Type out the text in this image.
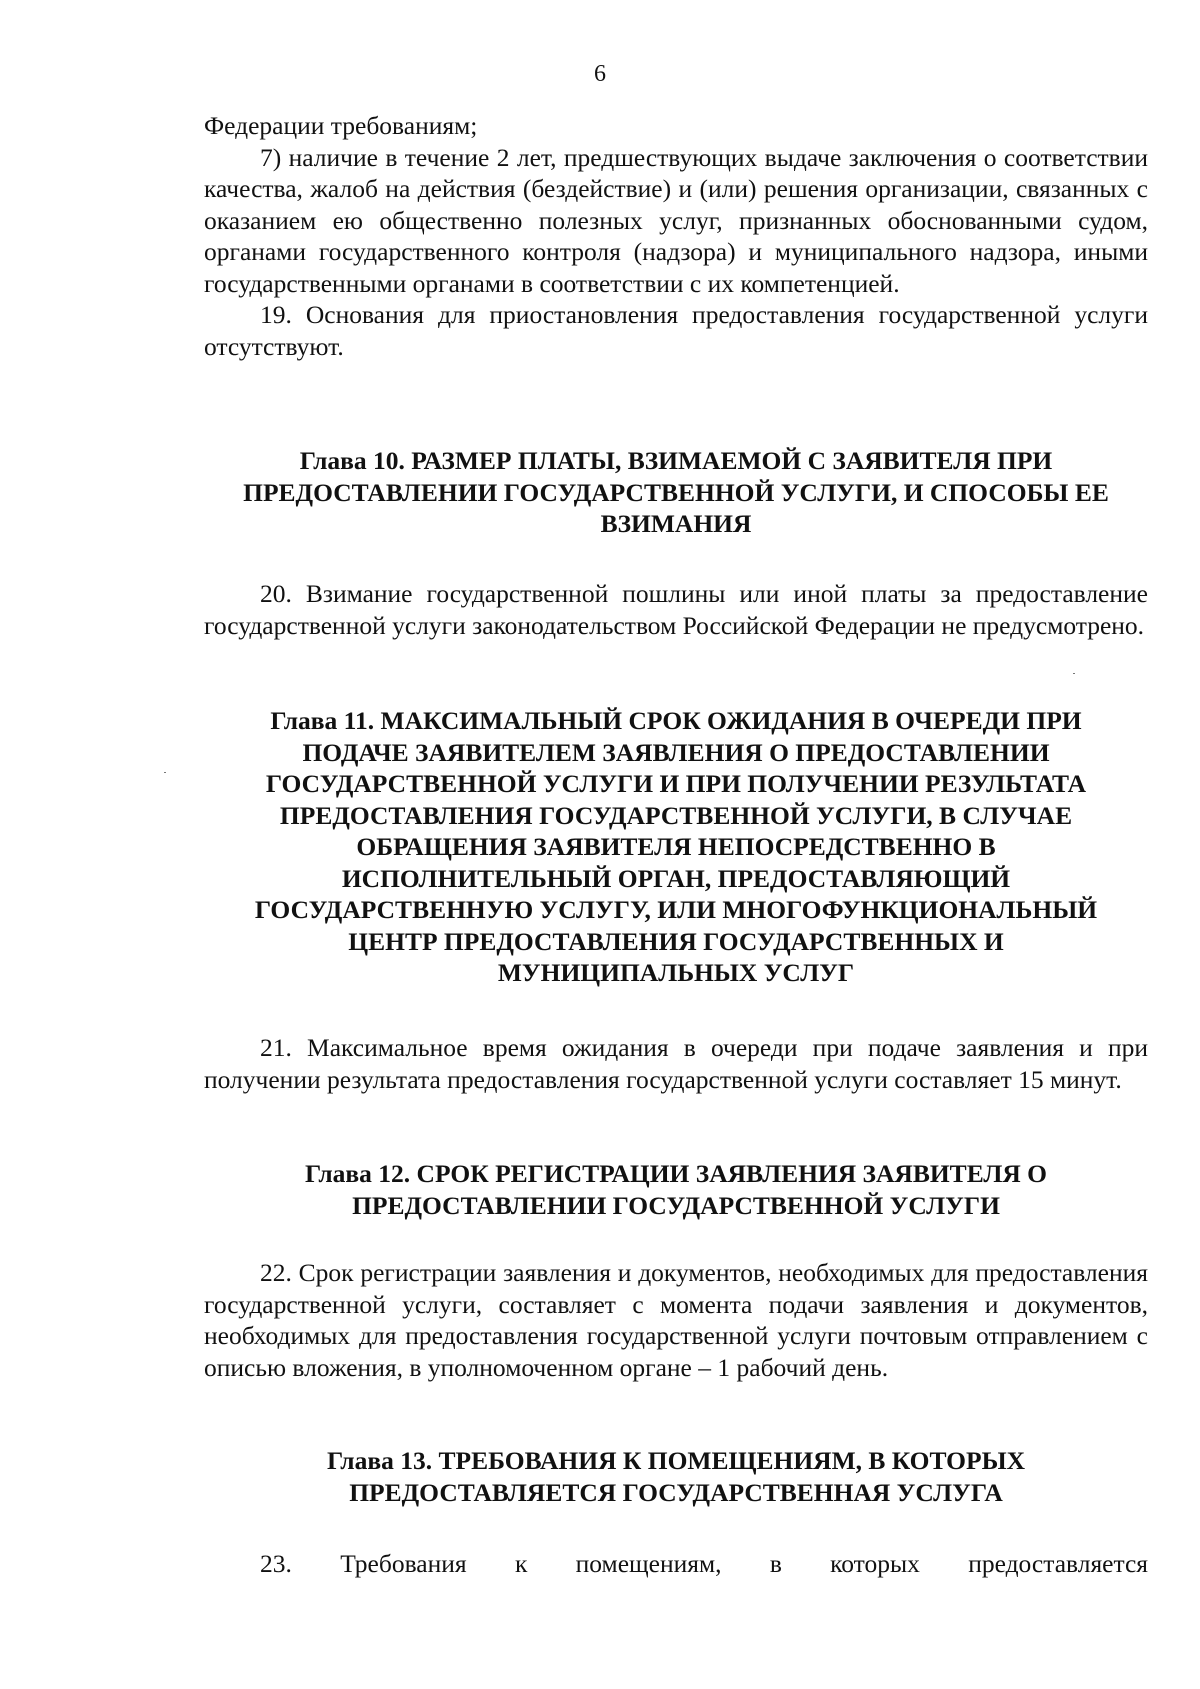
6

Федерации требованиям;

7) наличие в течение 2 лет, предшествующих выдаче заключения о соответствии качества, жалоб на действия (бездействие) и (или) решения организации, связанных с оказанием ею общественно полезных услуг, признанных обоснованными судом, органами государственного контроля (надзора) и муниципального надзора, иными государственными органами в соответствии с их компетенцией.

19. Основания для приостановления предоставления государственной услуги отсутствуют.

Глава 10. РАЗМЕР ПЛАТЫ, ВЗИМАЕМОЙ С ЗАЯВИТЕЛЯ ПРИ ПРЕДОСТАВЛЕНИИ ГОСУДАРСТВЕННОЙ УСЛУГИ, И СПОСОБЫ ЕЕ ВЗИМАНИЯ

20. Взимание государственной пошлины или иной платы за предоставление государственной услуги законодательством Российской Федерации не предусмотрено.

Глава 11. МАКСИМАЛЬНЫЙ СРОК ОЖИДАНИЯ В ОЧЕРЕДИ ПРИ ПОДАЧЕ ЗАЯВИТЕЛЕМ ЗАЯВЛЕНИЯ О ПРЕДОСТАВЛЕНИИ ГОСУДАРСТВЕННОЙ УСЛУГИ И ПРИ ПОЛУЧЕНИИ РЕЗУЛЬТАТА ПРЕДОСТАВЛЕНИЯ ГОСУДАРСТВЕННОЙ УСЛУГИ, В СЛУЧАЕ ОБРАЩЕНИЯ ЗАЯВИТЕЛЯ НЕПОСРЕДСТВЕННО В ИСПОЛНИТЕЛЬНЫЙ ОРГАН, ПРЕДОСТАВЛЯЮЩИЙ ГОСУДАРСТВЕННУЮ УСЛУГУ, ИЛИ МНОГОФУНКЦИОНАЛЬНЫЙ ЦЕНТР ПРЕДОСТАВЛЕНИЯ ГОСУДАРСТВЕННЫХ И МУНИЦИПАЛЬНЫХ УСЛУГ

21. Максимальное время ожидания в очереди при подаче заявления и при получении результата предоставления государственной услуги составляет 15 минут.

Глава 12. СРОК РЕГИСТРАЦИИ ЗАЯВЛЕНИЯ ЗАЯВИТЕЛЯ О ПРЕДОСТАВЛЕНИИ ГОСУДАРСТВЕННОЙ УСЛУГИ

22. Срок регистрации заявления и документов, необходимых для предоставления государственной услуги, составляет с момента подачи заявления и документов, необходимых для предоставления государственной услуги почтовым отправлением с описью вложения, в уполномоченном органе – 1 рабочий день.

Глава 13. ТРЕБОВАНИЯ К ПОМЕЩЕНИЯМ, В КОТОРЫХ ПРЕДОСТАВЛЯЕТСЯ ГОСУДАРСТВЕННАЯ УСЛУГА

23. Требования к помещениям, в которых предоставляется
